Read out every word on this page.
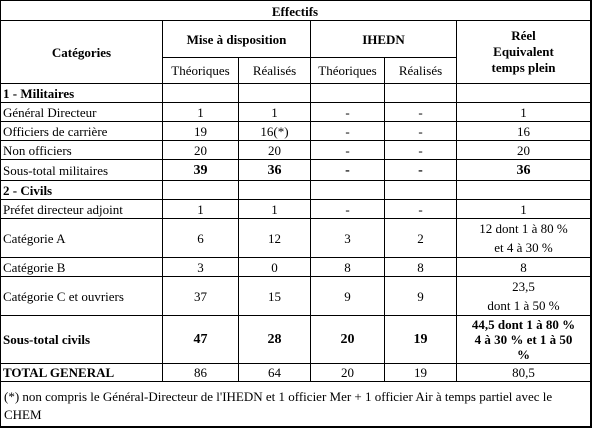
Effectifs
Catégories	Mise à disposition		IHEDN		Réel
Equivalent
temps plein

	Théoriques	Réalisés	Théoriques	Réalisés	
1 - Militaires					
Général Directeur	1	1	-	-	1
Officiers de carrière	19	16(*)	-	-	16
Non officiers	20	20	-	-	20
Sous-total militaires	39	36	-	-	36
2 - Civils					
Préfet directeur adjoint	1	1	-	-	1
Catégorie A	6	12	3	2	12 dont 1 à 80 %
et 4 à 30 %

Catégorie B	3	0	8	8	8
Catégorie C et ouvriers	37	15	9	9	23,5
dont 1 à 50 %

Sous-total civils	47	28	20	19	44,5 dont 1 à 80 %
4 à 30 % et 1 à 50
%

TOTAL GENERAL	86	64	20	19	80,5
(*) non compris le Général-Directeur de l'IHEDN et 1 officier Mer + 1 officier Air à temps partiel avec le CHEM
